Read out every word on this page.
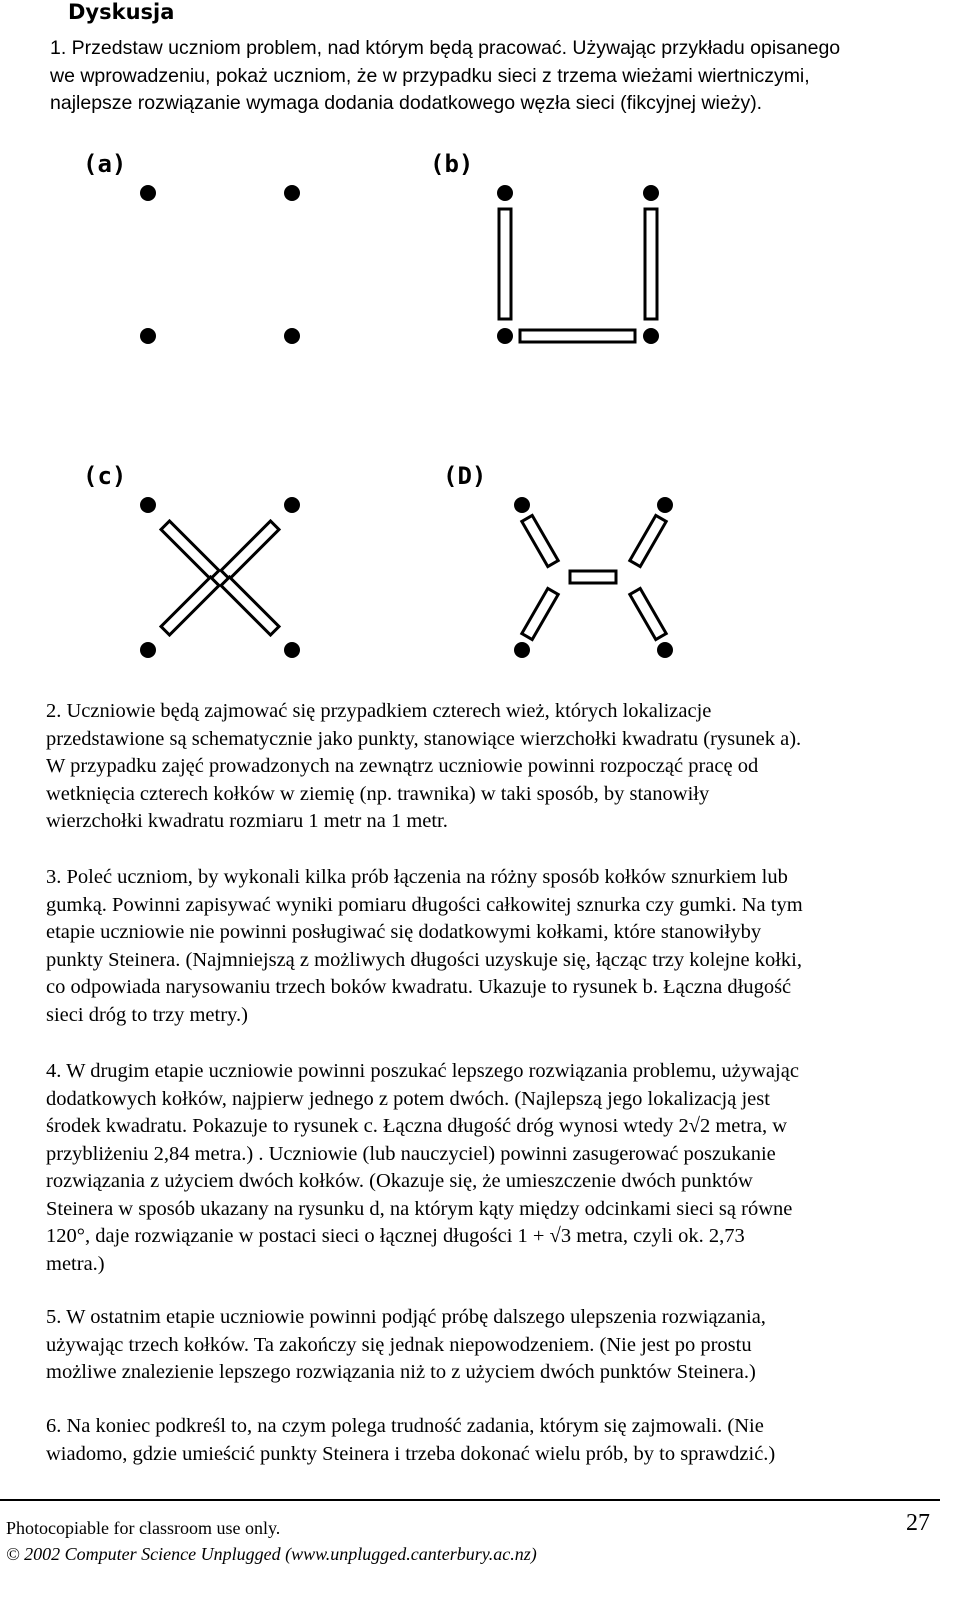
Dyskusja

1. Przedstaw uczniom problem, nad którym będą pracować. Używając przykładu opisanego
we wprowadzeniu, pokaż uczniom, że w przypadku sieci z trzema wieżami wiertniczymi,
najlepsze rozwiązanie wymaga dodania dodatkowego węzła sieci (fikcyjnej wieży).

(a)	(b)
(c)	(D)

2. Uczniowie będą zajmować się przypadkiem czterech wież, których lokalizacje
przedstawione są schematycznie jako punkty, stanowiące wierzchołki kwadratu (rysunek a).
W przypadku zajęć prowadzonych na zewnątrz uczniowie powinni rozpocząć pracę od
wetknięcia czterech kołków w ziemię (np. trawnika) w taki sposób, by stanowiły
wierzchołki kwadratu rozmiaru 1 metr na 1 metr.

3. Poleć uczniom, by wykonali kilka prób łączenia na różny sposób kołków sznurkiem lub
gumką. Powinni zapisywać wyniki pomiaru długości całkowitej sznurka czy gumki. Na tym
etapie uczniowie nie powinni posługiwać się dodatkowymi kołkami, które stanowiłyby
punkty Steinera. (Najmniejszą z możliwych długości uzyskuje się, łącząc trzy kolejne kołki,
co odpowiada narysowaniu trzech boków kwadratu. Ukazuje to rysunek b. Łączna długość
sieci dróg to trzy metry.)

4. W drugim etapie uczniowie powinni poszukać lepszego rozwiązania problemu, używając
dodatkowych kołków, najpierw jednego z potem dwóch. (Najlepszą jego lokalizacją jest
środek kwadratu. Pokazuje to rysunek c. Łączna długość dróg wynosi wtedy 2√2 metra, w
przybliżeniu 2,84 metra.) . Uczniowie (lub nauczyciel) powinni zasugerować poszukanie
rozwiązania z użyciem dwóch kołków. (Okazuje się, że umieszczenie dwóch punktów
Steinera w sposób ukazany na rysunku d, na którym kąty między odcinkami sieci są równe
120°, daje rozwiązanie w postaci sieci o łącznej długości 1 + √3 metra, czyli ok. 2,73
metra.)

5. W ostatnim etapie uczniowie powinni podjąć próbę dalszego ulepszenia rozwiązania,
używając trzech kołków. Ta zakończy się jednak niepowodzeniem. (Nie jest po prostu
możliwe znalezienie lepszego rozwiązania niż to z użyciem dwóch punktów Steinera.)

6. Na koniec podkreśl to, na czym polega trudność zadania, którym się zajmowali. (Nie
wiadomo, gdzie umieścić punkty Steinera i trzeba dokonać wielu prób, by to sprawdzić.)

Photocopiable for classroom use only.	27
© 2002 Computer Science Unplugged (www.unplugged.canterbury.ac.nz)
